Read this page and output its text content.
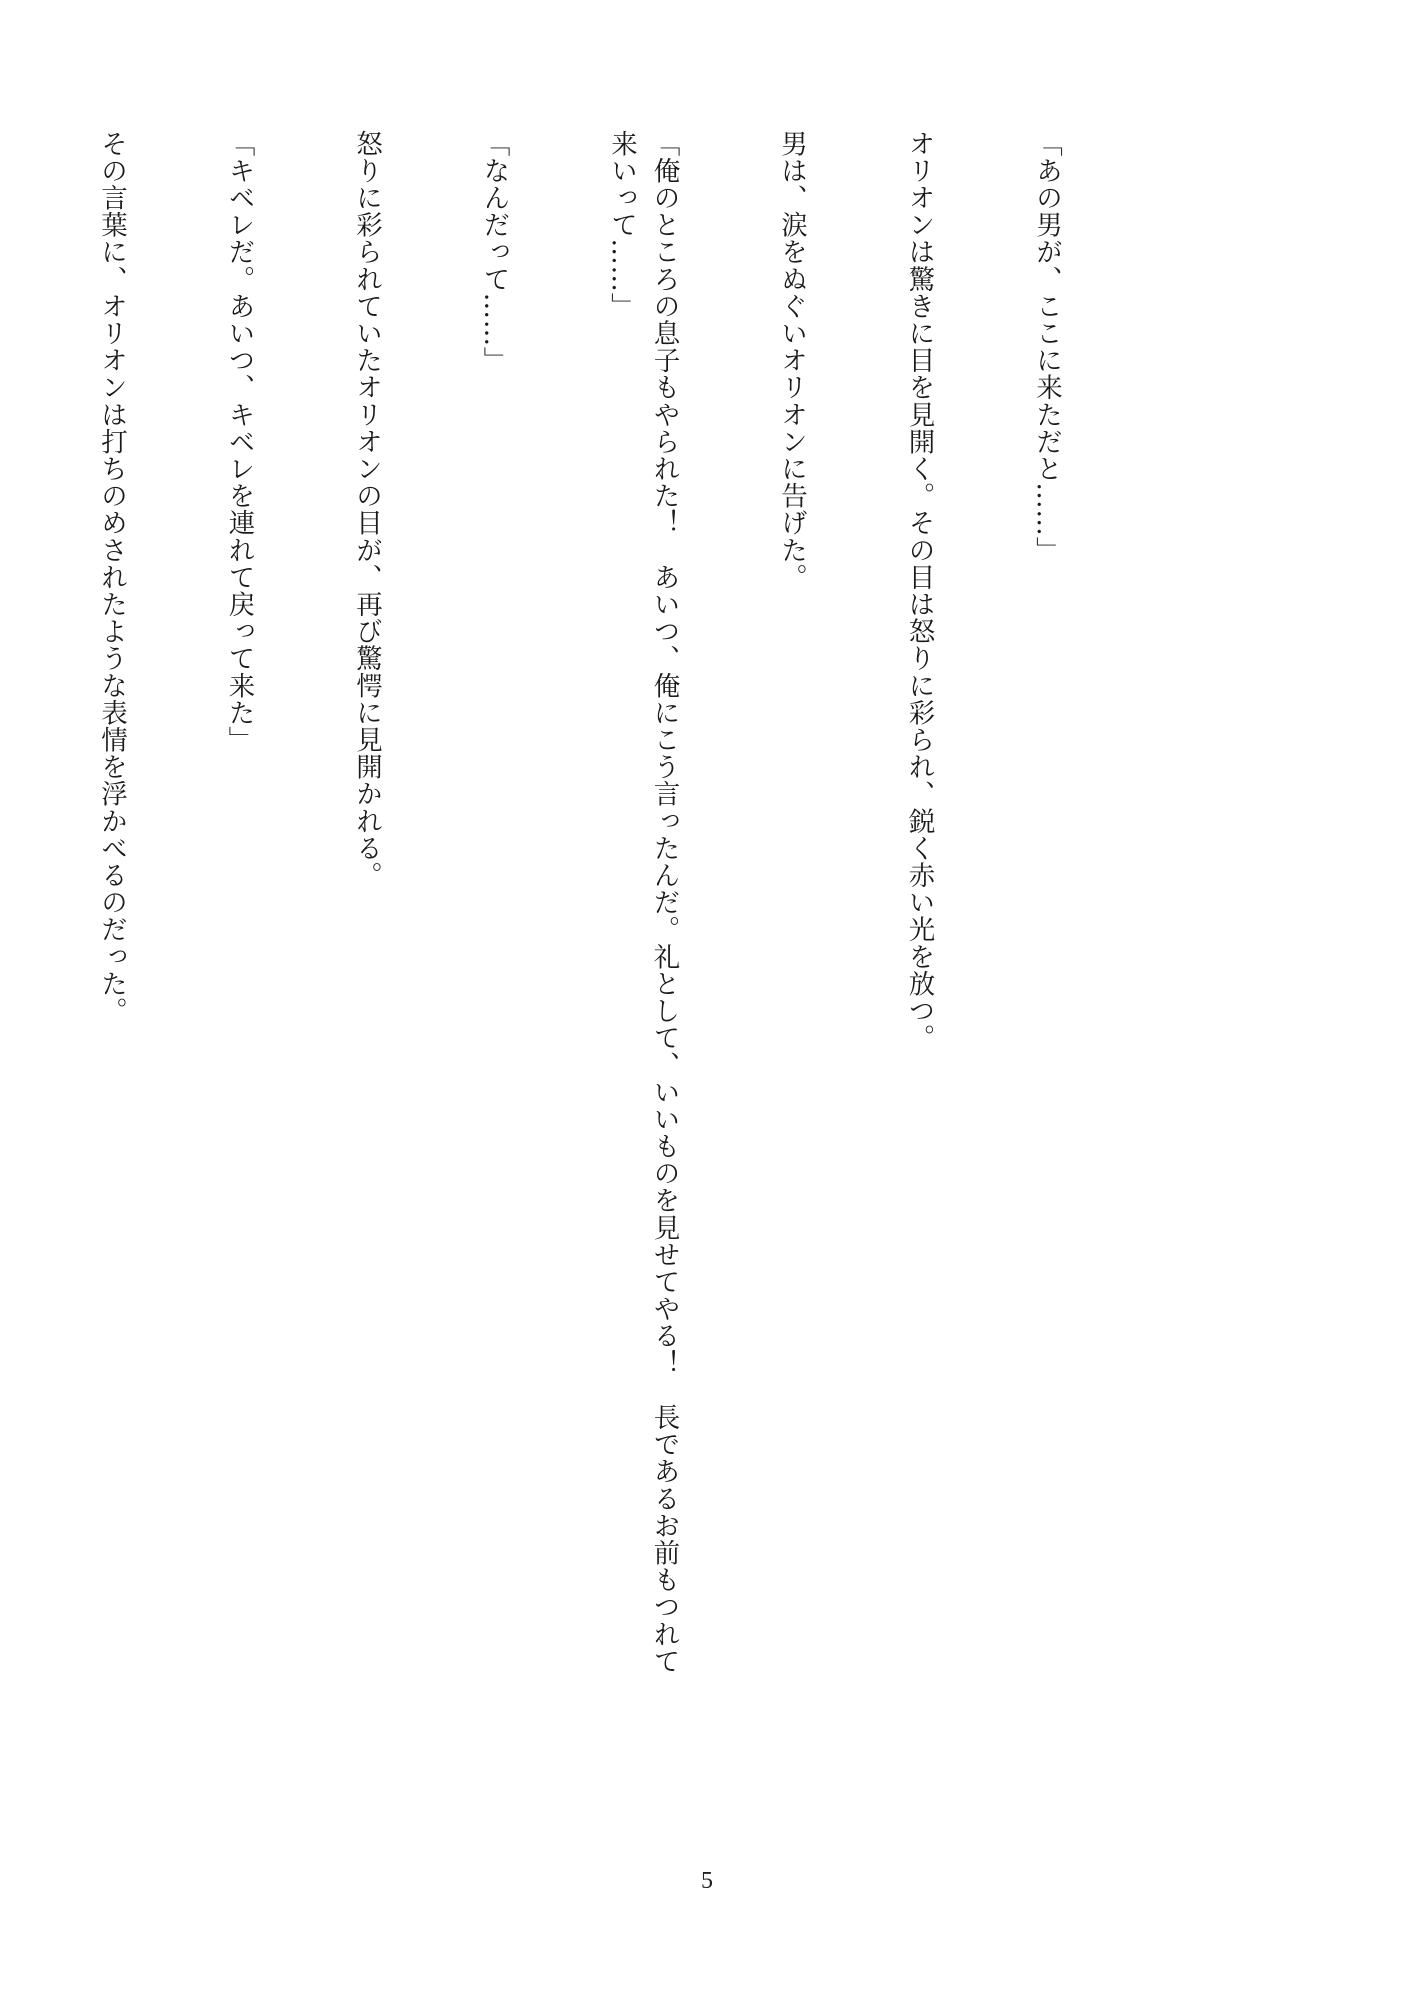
「あの男が、ここに来ただと……」

オリオンは驚きに目を見開く。その目は怒りに彩られ、鋭く赤い光を放つ。

男は、涙をぬぐいオリオンに告げた。

「俺のところの息子もやられた！　あいつ、俺にこう言ったんだ。礼として、いいものを見せてやる！　長であるお前もつれて来いって……」

「なんだって……」

怒りに彩られていたオリオンの目が、再び驚愕に見開かれる。

「キベレだ。あいつ、キベレを連れて戻って来た」

その言葉に、オリオンは打ちのめされたような表情を浮かべるのだった。

5
